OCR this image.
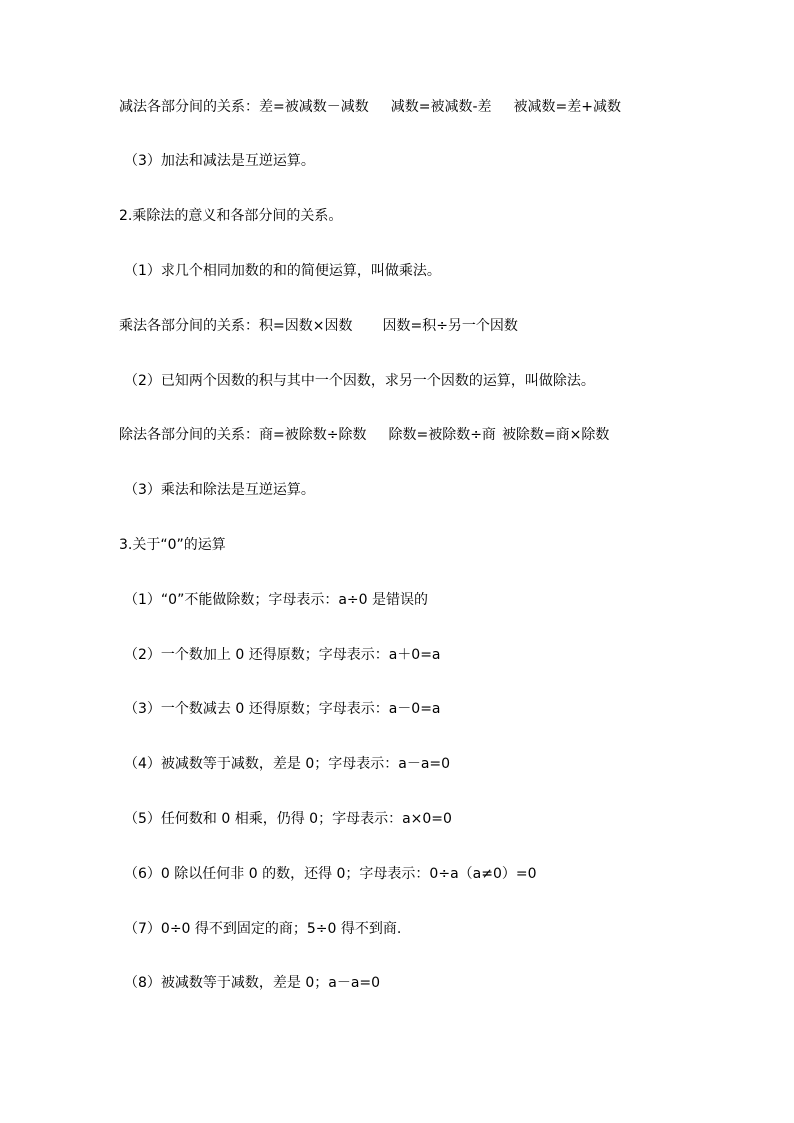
减法各部分间的关系：差=被减数－减数 减数=被减数-差 被减数=差+减数
（3）加法和减法是互逆运算。
2.乘除法的意义和各部分间的关系。
（1）求几个相同加数的和的简便运算，叫做乘法。
乘法各部分间的关系：积=因数×因数 因数=积÷另一个因数
（2）已知两个因数的积与其中一个因数，求另一个因数的运算，叫做除法。
除法各部分间的关系：商=被除数÷除数 除数=被除数÷商 被除数=商×除数
（3）乘法和除法是互逆运算。
3.关于“0”的运算
（1）“0”不能做除数；字母表示：a÷0 是错误的
（2）一个数加上 0 还得原数；字母表示：a＋0=a
（3）一个数减去 0 还得原数；字母表示：a－0=a
（4）被减数等于减数，差是 0；字母表示：a－a=0
（5）任何数和 0 相乘，仍得 0；字母表示：a×0=0
（6）0 除以任何非 0 的数，还得 0；字母表示：0÷a（a≠0）=0
（7）0÷0 得不到固定的商；5÷0 得不到商.
（8）被减数等于减数，差是 0；a－a=0
